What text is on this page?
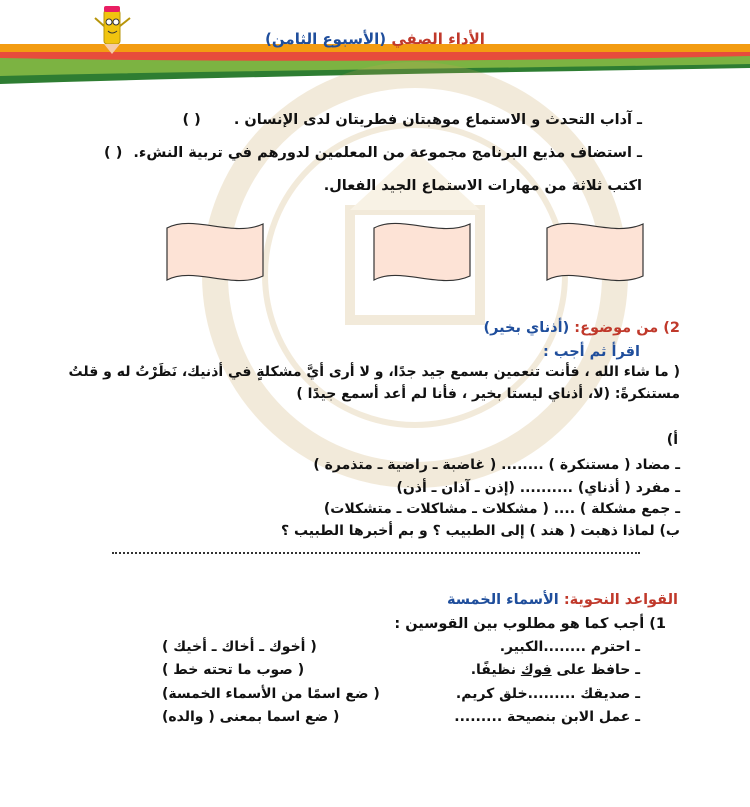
الأداء الصفي (الأسبوع الثامن)
ـ آداب التحدث و الاستماع موهبتان فطريتان لدى الإنسان . ( )
ـ استضاف مذيع البرنامج مجموعة من المعلمين لدورهم في تربية النشء. ( )
اكتب ثلاثة من مهارات الاستماع الجيد الفعال.
2) من موضوع: (أذناي بخير)
اقرأ ثم أجب :
( ما شاء الله ، فأنت تنعمين بسمع جيد جدًا، و لا أرى أيَّ مشكلةٍ في أذنيك، نَظَرْتُ له و قلتُ
مستنكرةً: (لا، أذناي ليستا بخير ، فأنا لم أعد أسمع جيدًا )
أ)
ـ مضاد ( مستنكرة ) ........ ( غاضبة ـ راضية ـ متذمرة )
ـ مفرد ( أذناي) .......... (إذن ـ آذان ـ أذن)
ـ جمع مشكلة ) .... ( مشكلات ـ مشاكلات ـ متشكلات)
ب) لماذا ذهبت ( هند ) إلى الطبيب ؟ و بم أخبرها الطبيب ؟
القواعد النحوية: الأسماء الخمسة
1) أجب كما هو مطلوب بين القوسين :
ـ احترم ........الكبير.
( أخوك ـ أخاك ـ أخيك )
ـ حافظ على فوك نظيفًا.
( صوب ما تحته خط )
ـ صديقك .........خلق كريم.
( ضع اسمًا من الأسماء الخمسة)
ـ عمل الابن بنصيحة .........
( ضع اسما بمعنى ( والده)
